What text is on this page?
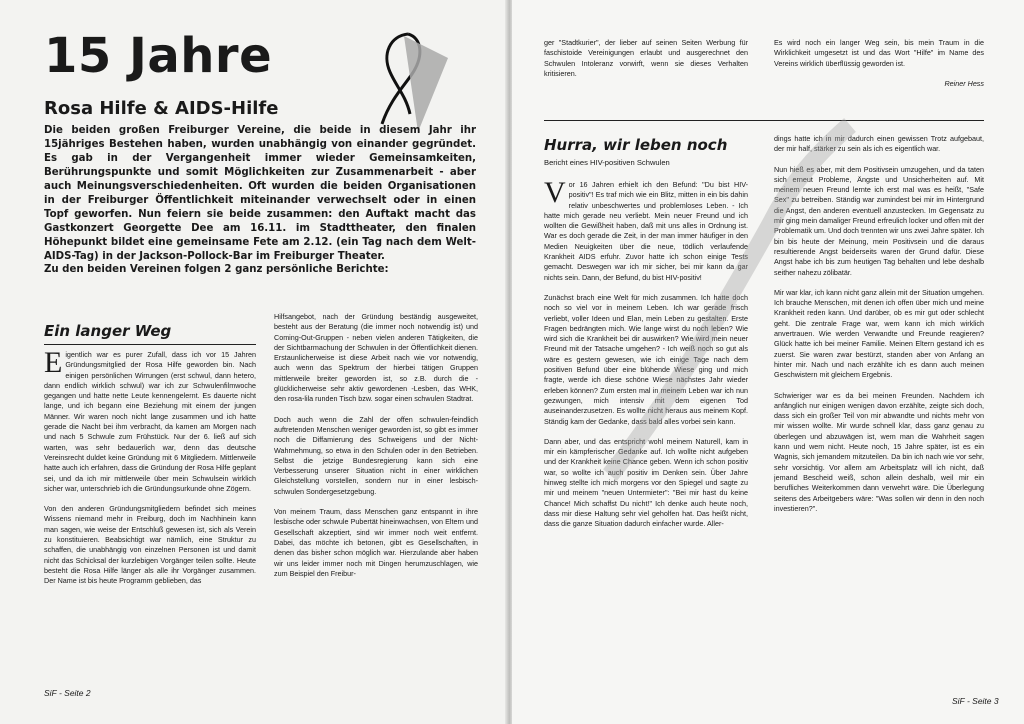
15 Jahre
Rosa Hilfe & AIDS-Hilfe
Die beiden großen Freiburger Vereine, die beide in diesem Jahr ihr 15jähriges Bestehen haben, wurden unabhängig von einander gegründet. Es gab in der Vergangenheit immer wieder Gemeinsamkeiten, Berührungspunkte und somit Möglichkeiten zur Zusammenarbeit - aber auch Meinungsverschiedenheiten. Oft wurden die beiden Organisationen in der Freiburger Öffentlichkeit miteinander verwechselt oder in einen Topf geworfen. Nun feiern sie beide zusammen: den Auftakt macht das Gastkonzert Georgette Dee am 16.11. im Stadttheater, den finalen Höhepunkt bildet eine gemeinsame Fete am 2.12. (ein Tag nach dem Welt-AIDS-Tag) in der Jackson-Pollock-Bar im Freiburger Theater.
Zu den beiden Vereinen folgen 2 ganz persönliche Berichte:
Ein langer Weg

Eigentlich war es purer Zufall, dass ich vor 15 Jahren Gründungsmitglied der Rosa Hilfe geworden bin. Nach einigen persönlichen Wirrungen (erst schwul, dann hetero, dann endlich wirklich schwul) war ich zur Schwulenfilmwoche gegangen und hatte nette Leute kennengelernt. Es dauerte nicht lange, und ich begann eine Beziehung mit einem der jungen Männer. Wir waren noch nicht lange zusammen und ich hatte gerade die Nacht bei ihm verbracht, da kamen am Morgen nach und nach 5 Schwule zum Frühstück. Nur der 6. ließ auf sich warten, was sehr bedauerlich war, denn das deutsche Vereinsrecht duldet keine Gründung mit 6 Mitgliedern. Mittlerweile hatte auch ich erfahren, dass die Gründung der Rosa Hilfe geplant sei, und da ich mir mittlerweile über mein Schwulsein wirklich sicher war, unterschrieb ich die Gründungsurkunde ohne Zögern.

Von den anderen Gründungsmitgliedern befindet sich meines Wissens niemand mehr in Freiburg, doch im Nachhinein kann man sagen, wie weise der Entschluß gewesen ist, sich als Verein zu konstituieren. Beabsichtigt war nämlich, eine Struktur zu schaffen, die unabhängig von einzelnen Personen ist und damit nicht das Schicksal der kurzlebigen Vorgänger teilen sollte. Heute besteht die Rosa Hilfe länger als alle ihr Vorgänger zusammen. Der Name ist bis heute Programm geblieben, das

Hilfsangebot, nach der Gründung beständig ausgeweitet, besteht aus der Beratung (die immer noch notwendig ist) und Coming-Out-Gruppen - neben vielen anderen Tätigkeiten, die der Sichtbarmachung der Schwulen in der Öffentlichkeit dienen. Erstaunlicherweise ist diese Arbeit nach wie vor notwendig, auch wenn das Spektrum der hierbei tätigen Gruppen mittlerweile breiter geworden ist, so z.B. durch die - glücklicherweise sehr aktiv gewordenen -Lesben, das WHK, den rosa-lila runden Tisch bzw. sogar einen schwulen Stadtrat.

Doch auch wenn die Zahl der offen schwulen-feindlich auftretenden Menschen weniger geworden ist, so gibt es immer noch die Diffamierung des Schweigens und der Nicht-Wahrnehmung, so etwa in den Schulen oder in den Betrieben. Selbst die jetzige Bundesregierung kann sich eine Verbesserung unserer Situation nicht in einer wirklichen Gleichstellung vorstellen, sondern nur in einer lesbisch-schwulen Sondergesetzgebung.

Von meinem Traum, dass Menschen ganz entspannt in ihre lesbische oder schwule Pubertät hineinwachsen, von Eltern und Gesellschaft akzeptiert, sind wir immer noch weit entfernt. Dabei, das möchte ich betonen, gibt es Gesellschaften, in denen das bisher schon möglich war. Hierzulande aber haben wir uns leider immer noch mit Dingen herumzuschlagen, wie zum Beispiel den Freibur-

SiF - Seite 2

ger "Stadtkurier", der lieber auf seinen Seiten Werbung für faschistoide Vereinigungen erlaubt und ausgerechnet den Schwulen Intoleranz vorwirft, wenn sie dieses Verhalten kritisieren.

Es wird noch ein langer Weg sein, bis mein Traum in die Wirklichkeit umgesetzt ist und das Wort "Hilfe" im Name des Vereins wirklich überflüssig geworden ist.

Reiner Hess
Hurra, wir leben noch
Bericht eines HIV-positiven Schwulen

Vor 16 Jahren erhielt ich den Befund: "Du bist HIV-positiv"! Es traf mich wie ein Blitz, mitten in ein bis dahin relativ unbeschwertes und problemloses Leben. - Ich hatte mich gerade neu verliebt. Mein neuer Freund und ich wollten die Gewißheit haben, daß mit uns alles in Ordnung ist. War es doch gerade die Zeit, in der man immer häufiger in den Medien Neuigkeiten über die neue, tödlich verlaufende Krankheit AIDS erfuhr. Zuvor hatte ich schon einige Tests gemacht. Deswegen war ich mir sicher, bei mir kann da gar nichts sein. Dann, der Befund, du bist HIV-positiv!

Zunächst brach eine Welt für mich zusammen. Ich hatte doch noch so viel vor in meinem Leben. Ich war gerade frisch verliebt, voller Ideen und Elan, mein Leben zu gestalten. Erste Fragen bedrängten mich. Wie lange wirst du noch leben? Wie wird sich die Krankheit bei dir auswirken? Wie wird mein neuer Freund mit der Tatsache umgehen? - Ich weiß noch so gut als wäre es gestern gewesen, wie ich einige Tage nach dem positiven Befund über eine blühende Wiese ging und mich fragte, werde ich diese schöne Wiese nächstes Jahr wieder erleben können? Zum ersten mal in meinem Leben war ich nun gezwungen, mich intensiv mit dem eigenen Tod auseinanderzusetzen. Es wollte nicht heraus aus meinem Kopf. Ständig kam der Gedanke, dass bald alles vorbei sein kann.

Dann aber, und das entspricht wohl meinem Naturell, kam in mir ein kämpferischer Gedanke auf. Ich wollte nicht aufgeben und der Krankheit keine Chance geben. Wenn ich schon positiv war, so wollte ich auch positiv im Denken sein. Über Jahre hinweg stellte ich mich morgens vor den Spiegel und sagte zu mir und meinem "neuen Untermieter": "Bei mir hast du keine Chance! Mich schaffst Du nicht!" Ich denke auch heute noch, dass mir diese Haltung sehr viel geholfen hat. Das heißt nicht, dass die ganze Situation dadurch einfacher wurde. Aller-

dings hatte ich in mir dadurch einen gewissen Trotz aufgebaut, der mir half, stärker zu sein als ich es eigentlich war.

Nun hieß es aber, mit dem Positivsein umzugehen, und da taten sich erneut Probleme, Ängste und Unsicherheiten auf. Mit meinem neuen Freund lernte ich erst mal was es heißt, "Safe Sex" zu betreiben. Ständig war zumindest bei mir im Hintergrund die Angst, den anderen eventuell anzustecken. Im Gegensatz zu mir ging mein damaliger Freund erfreulich locker und offen mit der Problematik um. Und doch trennten wir uns zwei Jahre später. Ich bin bis heute der Meinung, mein Positivsein und die daraus resultierende Angst beiderseits waren der Grund dafür. Diese Angst habe ich bis zum heutigen Tag behalten und lebe deshalb seither nahezu zölibatär.

Mir war klar, ich kann nicht ganz allein mit der Situation umgehen. Ich brauche Menschen, mit denen ich offen über mich und meine Krankheit reden kann. Und darüber, ob es mir gut oder schlecht geht. Die zentrale Frage war, wem kann ich mich wirklich anvertrauen. Wie werden Verwandte und Freunde reagieren? Glück hatte ich bei meiner Familie. Meinen Eltern gestand ich es zuerst. Sie waren zwar bestürzt, standen aber von Anfang an hinter mir. Nach und nach erzählte ich es dann auch meinen Geschwistern mit gleichem Ergebnis.

Schwieriger war es da bei meinen Freunden. Nachdem ich anfänglich nur einigen wenigen davon erzählte, zeigte sich doch, dass sich ein großer Teil von mir abwandte und nichts mehr von mir wissen wollte. Mir wurde schnell klar, dass ganz genau zu überlegen und abzuwägen ist, wem man die Wahrheit sagen kann und wem nicht. Heute noch, 15 Jahre später, ist es ein Wagnis, sich jemandem mitzuteilen. Da bin ich nach wie vor sehr, sehr vorsichtig. Vor allem am Arbeitsplatz will ich nicht, daß jemand Bescheid weiß, schon allein deshalb, weil mir ein berufliches Weiterkommen dann verwehrt wäre. Die Überlegung seitens des Arbeitgebers wäre: "Was sollen wir denn in den noch investieren?".

SiF - Seite 3
